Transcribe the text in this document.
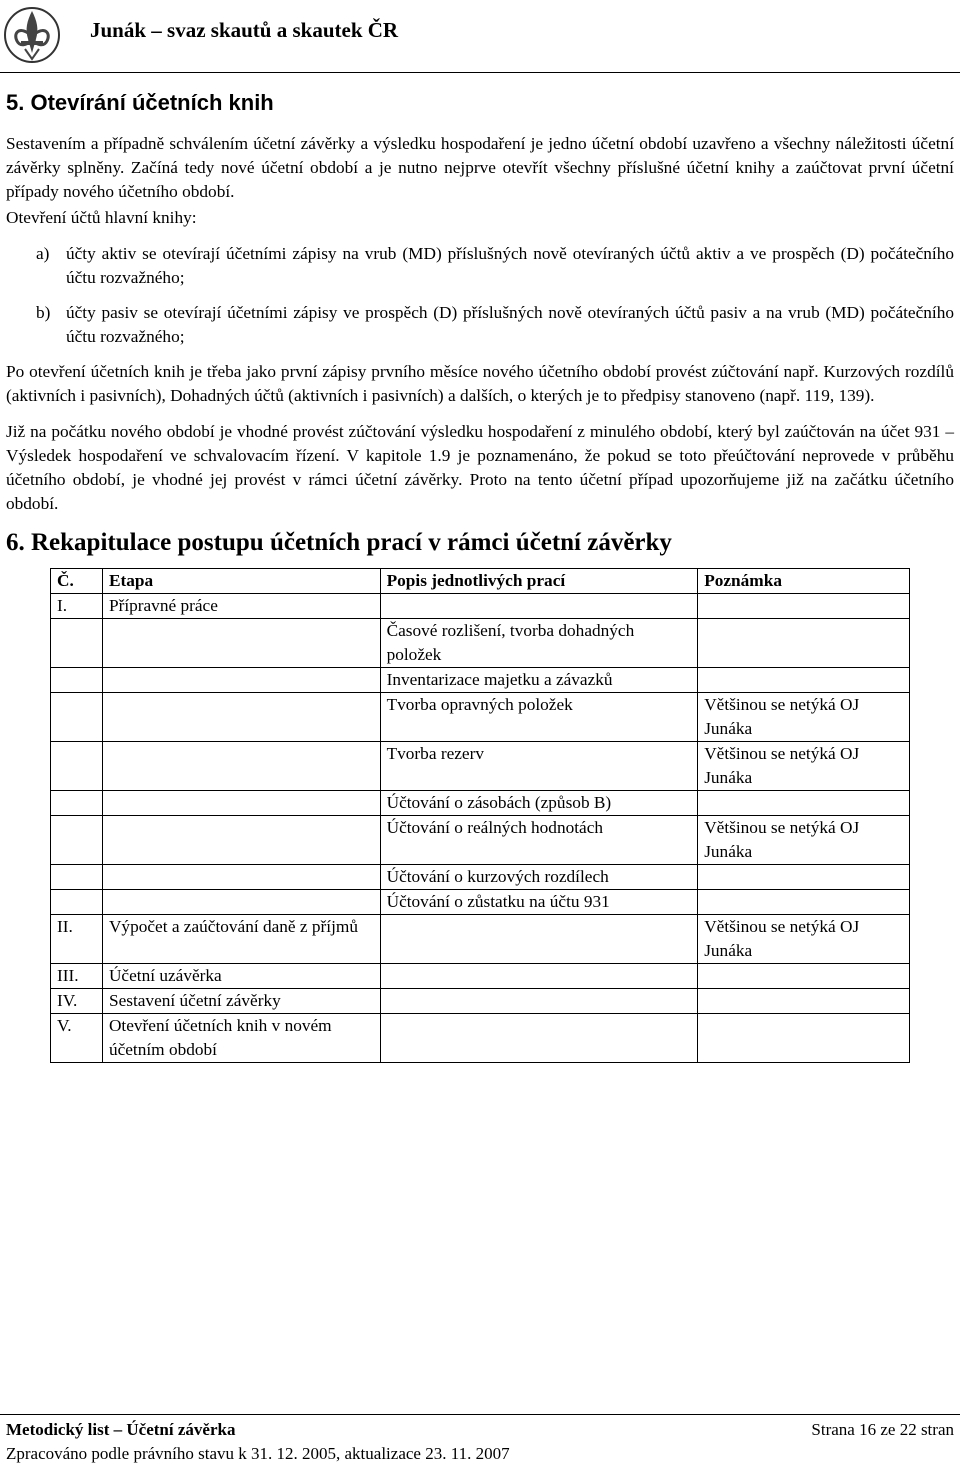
Junák – svaz skautů a skautek ČR
5. Otevírání účetních knih

Sestavením a případně schválením účetní závěrky a výsledku hospodaření je jedno účetní období uzavřeno a všechny náležitosti účetní závěrky splněny. Začíná tedy nové účetní období a je nutno nejprve otevřít všechny příslušné účetní knihy a zaúčtovat první účetní případy nového účetního období.

Otevření účtů hlavní knihy:

a) účty aktiv se otevírají účetními zápisy na vrub (MD) příslušných nově otevíraných účtů aktiv a ve prospěch (D) počátečního účtu rozvažného;
b) účty pasiv se otevírají účetními zápisy ve prospěch (D) příslušných nově otevíraných účtů pasiv a na vrub (MD) počátečního účtu rozvažného;

Po otevření účetních knih je třeba jako první zápisy prvního měsíce nového účetního období provést zúčtování např. Kurzových rozdílů (aktivních i pasivních), Dohadných účtů (aktivních i pasivních) a dalších, o kterých je to předpisy stanoveno (např. 119, 139).

Již na počátku nového období je vhodné provést zúčtování výsledku hospodaření z minulého období, který byl zaúčtován na účet 931 – Výsledek hospodaření ve schvalovacím řízení. V kapitole 1.9 je poznamenáno, že pokud se toto přeúčtování neprovede v průběhu účetního období, je vhodné jej provést v rámci účetní závěrky. Proto na tento účetní případ upozorňujeme již na začátku účetního období.

6. Rekapitulace postupu účetních prací v rámci účetní závěrky
Č.	Etapa	Popis jednotlivých prací	Poznámka
I.	Přípravné práce		
		Časové rozlišení, tvorba dohadných položek	
		Inventarizace majetku a závazků	
		Tvorba opravných položek	Většinou se netýká OJ Junáka
		Tvorba rezerv	Většinou se netýká OJ Junáka
		Účtování o zásobách (způsob B)	
		Účtování o reálných hodnotách	Většinou se netýká OJ Junáka
		Účtování o kurzových rozdílech	
		Účtování o zůstatku na účtu 931	
II.	Výpočet a zaúčtování daně z příjmů		Většinou se netýká OJ Junáka
III.	Účetní uzávěrka		
IV.	Sestavení účetní závěrky		
V.	Otevření účetních knih v novém účetním období		
Metodický list – Účetní závěrka	Strana 16 ze 22 stran
Zpracováno podle právního stavu k 31. 12. 2005, aktualizace 23. 11. 2007
